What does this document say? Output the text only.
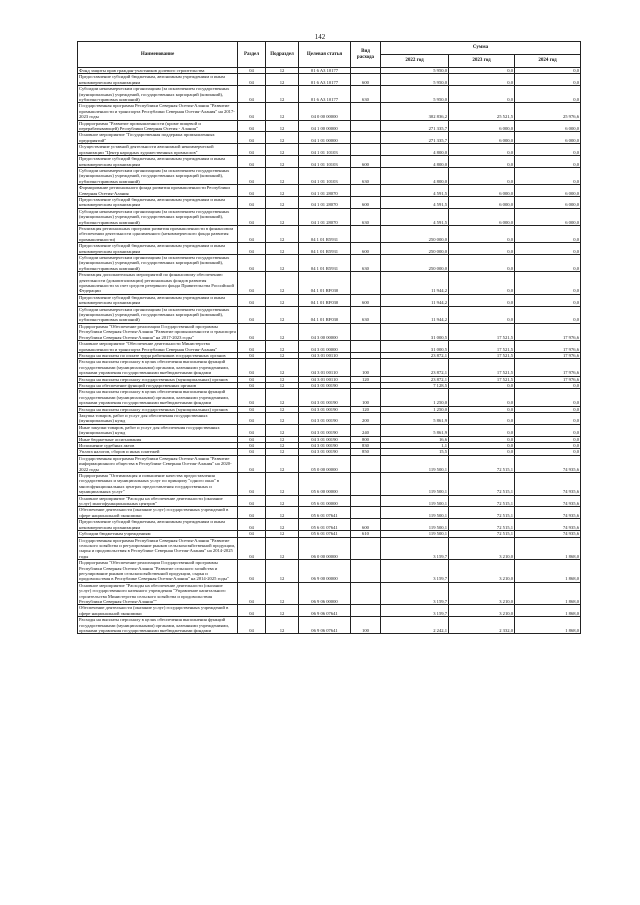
142
Наименование	Раздел	Подраздел	Целевая статья	Вид расхода	Сумма		
					2022 год	2023 год	2024 год
Фонд защиты прав граждан-участников долевого строительства	04	12	01 6 A3 10177		5 950,0	0,0	0,0
Предоставление субсидий бюджетным, автономным учреждениям и иным некоммерческим организациям	04	12	01 6 A3 10177	600	5 950,0	0,0	0,0
Субсидии некоммерческим организациям (за исключением государственных (муниципальных) учреждений, государственных корпораций (компаний), публично-правовых компаний)	04	12	01 6 A3 10177	630	5 950,0	0,0	0,0
Государственная программа Республики Северная Осетия-Алания "Развитие промышленности и транспорта Республики Северная Осетия-Алания" на 2017-2023 годы	04	12	04 0 00 00000		302 836,2	25 521,5	25 976,6
Подпрограмма "Развитие промышленности (кроме пищевой и перерабатывающей) Республики Северная Осетия - Алания"	04	12	04 1 00 00000		271 335,7	6 000,0	6 000,0
Основное мероприятие "Государственная поддержка промышленных предприятий"	04	12	04 1 01 00000		271 335,7	6 000,0	6 000,0
Осуществление уставной деятельности автономной некоммерческой организации "Центр народных художественных промыслов"	04	12	04 1 01 10103		4 800,0	0,0	0,0
Предоставление субсидий бюджетным, автономным учреждениям и иным некоммерческим организациям	04	12	04 1 01 10103	600	4 800,0	0,0	0,0
Субсидии некоммерческим организациям (за исключением государственных (муниципальных) учреждений, государственных корпораций (компаний), публично-правовых компаний)	04	12	04 1 01 10103	630	4 800,0	0,0	0,0
Формирование регионального фонда развития промышленности Республики Северная Осетия-Алания	04	12	04 1 01 28070		4 591,5	6 000,0	6 000,0
Предоставление субсидий бюджетным, автономным учреждениям и иным некоммерческим организациям	04	12	04 1 01 28070	600	4 591,5	6 000,0	6 000,0
Субсидии некоммерческим организациям (за исключением государственных (муниципальных) учреждений, государственных корпораций (компаний), публично-правовых компаний)	04	12	04 1 01 28070	630	4 591,5	6 000,0	6 000,0
Реализация региональных программ развития промышленности в финансовом обеспечении деятельности одноименного (некоммерческого фонда развития промышленности)	04	12	04 1 01 R5931		250 000,0	0,0	0,0
Предоставление субсидий бюджетным, автономным учреждениям и иным некоммерческим организациям	04	12	04 1 01 R5931	600	250 000,0	0,0	0,0
Субсидии некоммерческим организациям (за исключением государственных (муниципальных) учреждений, государственных корпораций (компаний), публично-правовых компаний)	04	12	04 1 01 R5931	630	250 000,0	0,0	0,0
Реализация дополнительных мероприятий по финансовому обеспечению деятельности (докапитализации) региональных фондов развития промышленности за счет средств резервного фонда Правительства Российской Федерации	04	12	04 1 01 RF030		11 944,2	0,0	0,0
Предоставление субсидий бюджетным, автономным учреждениям и иным некоммерческим организациям	04	12	04 1 01 RF030	600	11 944,2	0,0	0,0
Субсидии некоммерческим организациям (за исключением государственных (муниципальных) учреждений, государственных корпораций (компаний), публично-правовых компаний)	04	12	04 1 01 RF030	630	11 944,2	0,0	0,0
Подпрограмма "Обеспечение реализации Государственной программы Республики Северная Осетия-Алания "Развитие промышленности и транспорта Республики Северная Осетия-Алания" на 2017-2023 годы"	04	12	04 3 00 00000		31 000,5	17 521,5	17 976,6
Основное мероприятие "Обеспечение деятельности Министерства промышленности и транспорта Республики Северная Осетия-Алания"	04	12	04 3 01 00000		31 000,5	17 521,5	17 976,6
Расходы на выплаты по оплате труда работников государственных органов	04	12	04 3 01 00110		23 872,1	17 521,5	17 976,6
Расходы на выплаты персоналу в целях обеспечения выполнения функций государственными (муниципальными) органами, казенными учреждениями, органами управления государственными внебюджетными фондами	04	12	04 3 01 00110	100	23 872,1	17 521,5	17 976,6
Расходы на выплаты персоналу государственных (муниципальных) органов	04	12	04 3 01 00110	120	23 872,1	17 521,5	17 976,6
Расходы на обеспечение функций государственных органов	04	12	04 3 01 00190		7 128,5	0,0	0,0
Расходы на выплаты персоналу в целях обеспечения выполнения функций государственными (муниципальными) органами, казенными учреждениями, органами управления государственными внебюджетными фондами	04	12	04 3 01 00190	100	1 250,0	0,0	0,0
Расходы на выплаты персоналу государственных (муниципальных) органов	04	12	04 3 01 00190	120	1 250,0	0,0	0,0
Закупка товаров, работ и услуг для обеспечения государственных (муниципальных) нужд	04	12	04 3 01 00190	200	5 861,9	0,0	0,0
Иные закупки товаров, работ и услуг для обеспечения государственных (муниципальных) нужд	04	12	04 3 01 00190	240	5 861,9	0,0	0,0
Иные бюджетные ассигнования	04	12	04 3 01 00190	800	16,6	0,0	0,0
Исполнение судебных актов	04	12	04 3 01 00190	830	1,1	0,0	0,0
Уплата налогов, сборов и иных платежей	04	12	04 3 01 00190	850	15,5	0,0	0,0
Государственная программа Республики Северная Осетия-Алания "Развитие информационного общества в Республике Северная Осетия-Алания" на 2020-2022 годы	04	12	05 0 00 00000		119 500,1	72 515,1	74 935,6
Подпрограмма "Оптимизация и повышение качества предоставления государственных и муниципальных услуг по принципу "одного окна" в многофункциональных центрах предоставления государственных и муниципальных услуг"	04	12	05 6 00 00000		119 500,1	72 515,1	74 935,6
Основное мероприятие "Расходы на обеспечение деятельности (оказание услуг) многофункциональных центров"	04	12	05 6 01 00000		119 500,1	72 515,1	74 935,6
Обеспечение деятельности (оказание услуг) государственных учреждений в сфере национальной экономики	04	12	05 6 01 07641		119 500,1	72 515,1	74 935,6
Предоставление субсидий бюджетным, автономным учреждениям и иным некоммерческим организациям	04	12	05 6 01 07641	600	119 500,1	72 515,1	74 935,6
Субсидии бюджетным учреждениям	04	12	05 6 01 07641	610	119 500,1	72 515,1	74 935,6
Государственная программа Республики Северная Осетия-Алания "Развитие сельского хозяйства и регулирование рынков сельскохозяйственной продукции, сырья и продовольствия в Республике Северная Осетия-Алания" на 2014-2025 годы	04	12	06 0 00 00000		3 159,7	3 210,0	1 868,0
Подпрограмма "Обеспечение реализации Государственной программы Республики Северная Осетия-Алания "Развитие сельского хозяйства и регулирование рынков сельскохозяйственной продукции, сырья и продовольствия в Республике Северная Осетия-Алания" на 2014-2025 годы"	04	12	06 9 00 00000		3 159,7	3 210,0	1 868,0
Основное мероприятие "Расходы на обеспечение деятельности (оказание услуг) государственного казенного учреждения "Управление капитального строительства Министерства сельского хозяйства и продовольствия Республики Северная Осетия-Алания""	04	12	06 9 06 00000		3 159,7	3 210,0	1 868,0
Обеспечение деятельности (оказание услуг) государственных учреждений в сфере национальной экономики	04	12	06 9 06 07641		3 159,7	3 210,0	1 868,0
Расходы на выплаты персоналу в целях обеспечения выполнения функций государственными (муниципальными) органами, казенными учреждениями, органами управления государственными внебюджетными фондами	04	12	06 9 06 07641	100	2 242,1	2 332,0	1 868,0
